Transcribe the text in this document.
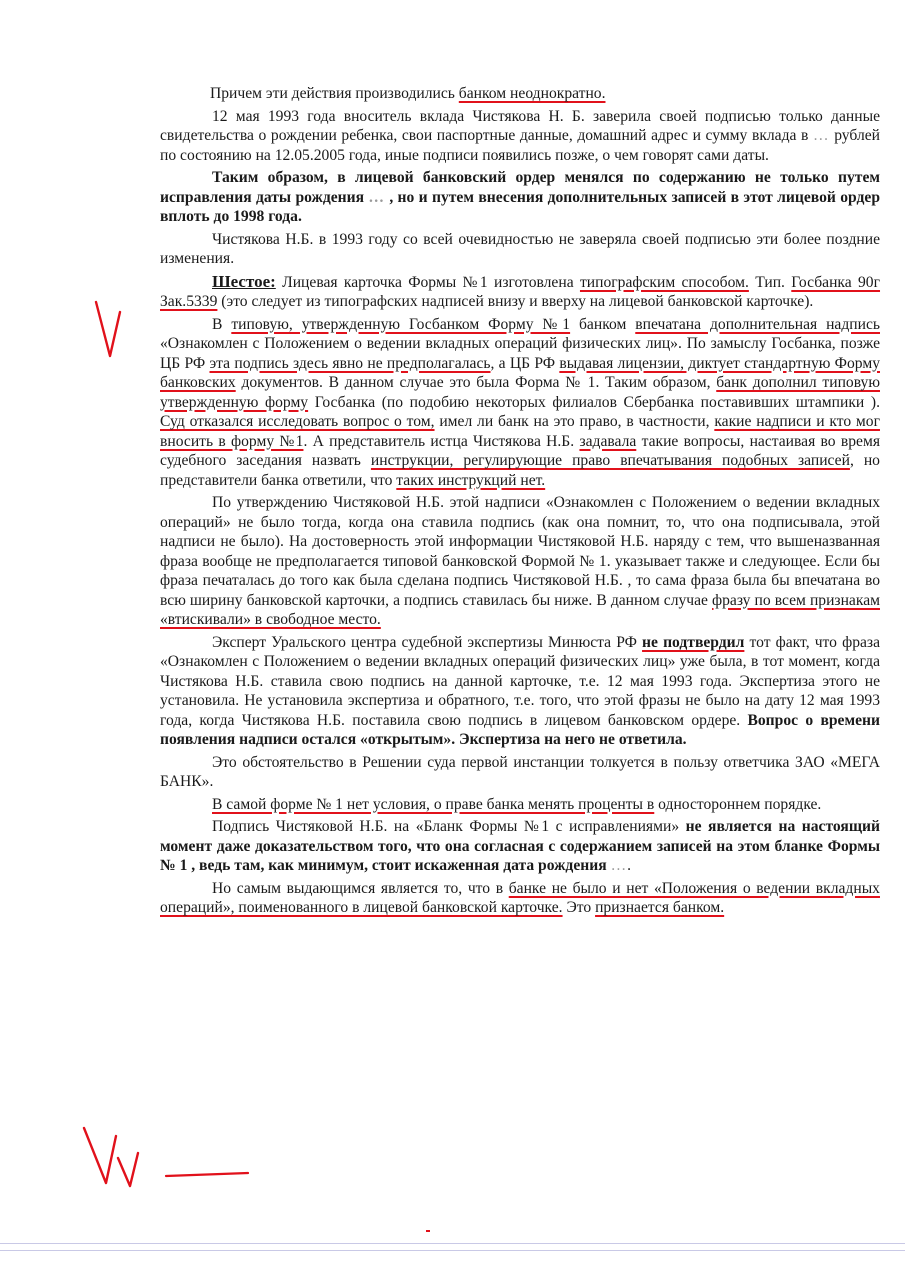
Причем эти действия производились банком неоднократно.

12 мая 1993 года вноситель вклада Чистякова Н. Б. заверила своей подписью только данные свидетельства о рождении ребенка, свои паспортные данные, домашний адрес и сумму вклада в … рублей по состоянию на 12.05.2005 года, иные подписи появились позже, о чем говорят сами даты.

Таким образом, в лицевой банковский ордер менялся по содержанию не только путем исправления даты рождения … , но и путем внесения дополнительных записей в этот лицевой ордер вплоть до 1998 года.

Чистякова Н.Б. в 1993 году со всей очевидностью не заверяла своей подписью эти более поздние изменения.

Шестое: Лицевая карточка Формы №1 изготовлена типографским способом. Тип. Госбанка 90г Зак.5339 (это следует из типографских надписей внизу и вверху на лицевой банковской карточке).

В типовую, утвержденную Госбанком Форму №1 банком впечатана дополнительная надпись «Ознакомлен с Положением о ведении вкладных операций физических лиц». По замыслу Госбанка, позже ЦБ РФ эта подпись здесь явно не предполагалась, а ЦБ РФ выдавая лицензии, диктует стандартную Форму банковских документов. В данном случае это была Форма № 1. Таким образом, банк дополнил типовую утвержденную форму Госбанка (по подобию некоторых филиалов Сбербанка поставивших штампики ). Суд отказался исследовать вопрос о том, имел ли банк на это право, в частности, какие надписи и кто мог вносить в форму №1. А представитель истца Чистякова Н.Б. задавала такие вопросы, настаивая во время судебного заседания назвать инструкции, регулирующие право впечатывания подобных записей, но представители банка ответили, что таких инструкций нет.

По утверждению Чистяковой Н.Б. этой надписи «Ознакомлен с Положением о ведении вкладных операций» не было тогда, когда она ставила подпись (как она помнит, то, что она подписывала, этой надписи не было). На достоверность этой информации Чистяковой Н.Б. наряду с тем, что вышеназванная фраза вообще не предполагается типовой банковской Формой № 1. указывает также и следующее. Если бы фраза печаталась до того как была сделана подпись Чистяковой Н.Б. , то сама фраза была бы впечатана во всю ширину банковской карточки, а подпись ставилась бы ниже. В данном случае фразу по всем признакам «втискивали» в свободное место.

Эксперт Уральского центра судебной экспертизы Минюста РФ не подтвердил тот факт, что фраза «Ознакомлен с Положением о ведении вкладных операций физических лиц» уже была, в тот момент, когда Чистякова Н.Б. ставила свою подпись на данной карточке, т.е. 12 мая 1993 года. Экспертиза этого не установила. Не установила экспертиза и обратного, т.е. того, что этой фразы не было на дату 12 мая 1993 года, когда Чистякова Н.Б. поставила свою подпись в лицевом банковском ордере. Вопрос о времени появления надписи остался «открытым». Экспертиза на него не ответила.

Это обстоятельство в Решении суда первой инстанции толкуется в пользу ответчика ЗАО «МЕГА БАНК».

В самой форме № 1 нет условия, о праве банка менять проценты в одностороннем порядке.

Подпись Чистяковой Н.Б. на «Бланк Формы №1 с исправлениями» не является на настоящий момент даже доказательством того, что она согласная с содержанием записей на этом бланке Формы № 1 , ведь там, как минимум, стоит искаженная дата рождения ….

Но самым выдающимся является то, что в банке не было и нет «Положения о ведении вкладных операций», поименованного в лицевой банковской карточке. Это признается банком.
